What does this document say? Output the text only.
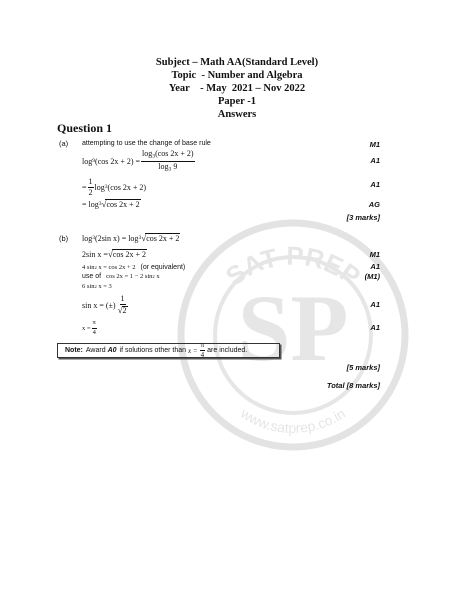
SP
SAT PREP
www.satprep.co.in
Subject – Math AA(Standard Level)
Topic  - Number and Algebra
Year    - May  2021 – Nov 2022
Paper -1
Answers
Question 1
(a) attempting to use the change of base rule	M1
log 9 (cos $2x + 2) = \frac{\log_3(\cos 2x + 2)}{\log_3 9}$	A1
= $\frac{1}{2}$ log 3 (cos 2x + 2)	A1
= log 3 √ cos 2x + 2	AG
[3 marks]
(b) log 3 (2sin x) = log 3 √ cos 2x + 2
2sin x = √ cos 2x + 2	M1
4 sin 2 x = cos 2x + 2 (or equivalent)	A1
use of cos 2x = 1 − 2 sin 2 x	(M1)
6 sin 2 x = 3
sin x = (±) $\frac{1}{√2}$	A1
$x = \frac{\pi}{4}$	A1
Note: Award
A0 if solutions other than
$x = \frac{\pi}{4}$ are included.
[5 marks]
Total [8 marks]
